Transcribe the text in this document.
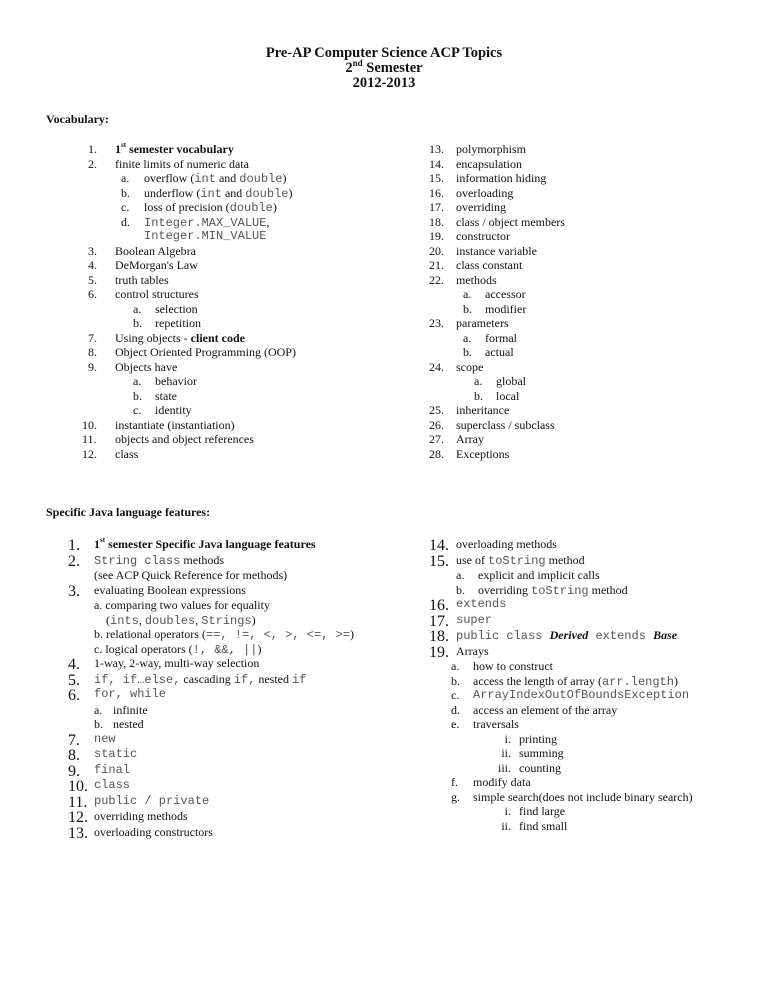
Pre-AP Computer Science ACP Topics
2nd Semester
2012-2013
Vocabulary:
1. 1st semester vocabulary
2. finite limits of numeric data
a. overflow (int and double)
b. underflow (int and double)
c. loss of precision (double)
d. Integer.MAX_VALUE,
Integer.MIN_VALUE
3. Boolean Algebra
4. DeMorgan's Law
5. truth tables
6. control structures
a. selection
b. repetition
7. Using objects - client code
8. Object Oriented Programming (OOP)
9. Objects have
a. behavior
b. state
c. identity
10. instantiate (instantiation)
11. objects and object references
12. class
13. polymorphism
14. encapsulation
15. information hiding
16. overloading
17. overriding
18. class / object members
19. constructor
20. instance variable
21. class constant
22. methods
a. accessor
b. modifier
23. parameters
a. formal
b. actual
24. scope
a. global
b. local
25. inheritance
26. superclass / subclass
27. Array
28. Exceptions
Specific Java language features:
1. 1st semester Specific Java language features
2. String class methods
(see ACP Quick Reference for methods)
3. evaluating Boolean expressions
a. comparing two values for equality
(ints, doubles, Strings)
b. relational operators (==, !=, <, >, <=, >=)
c. logical operators (!, &&, ||)
4. 1-way, 2-way, multi-way selection
5. if, if…else, cascading if, nested if
6. for, while
a. infinite
b. nested
7. new
8. static
9. final
10. class
11. public / private
12. overriding methods
13. overloading constructors
14. overloading methods
15. use of toString method
a. explicit and implicit calls
b. overriding toString method
16. extends
17. super
18. public class Derived extends Base
19. Arrays
a. how to construct
b. access the length of array (arr.length)
c. ArrayIndexOutOfBoundsException
d. access an element of the array
e. traversals
i. printing
ii. summing
iii. counting
f. modify data
g. simple search(does not include binary search)
i. find large
ii. find small
